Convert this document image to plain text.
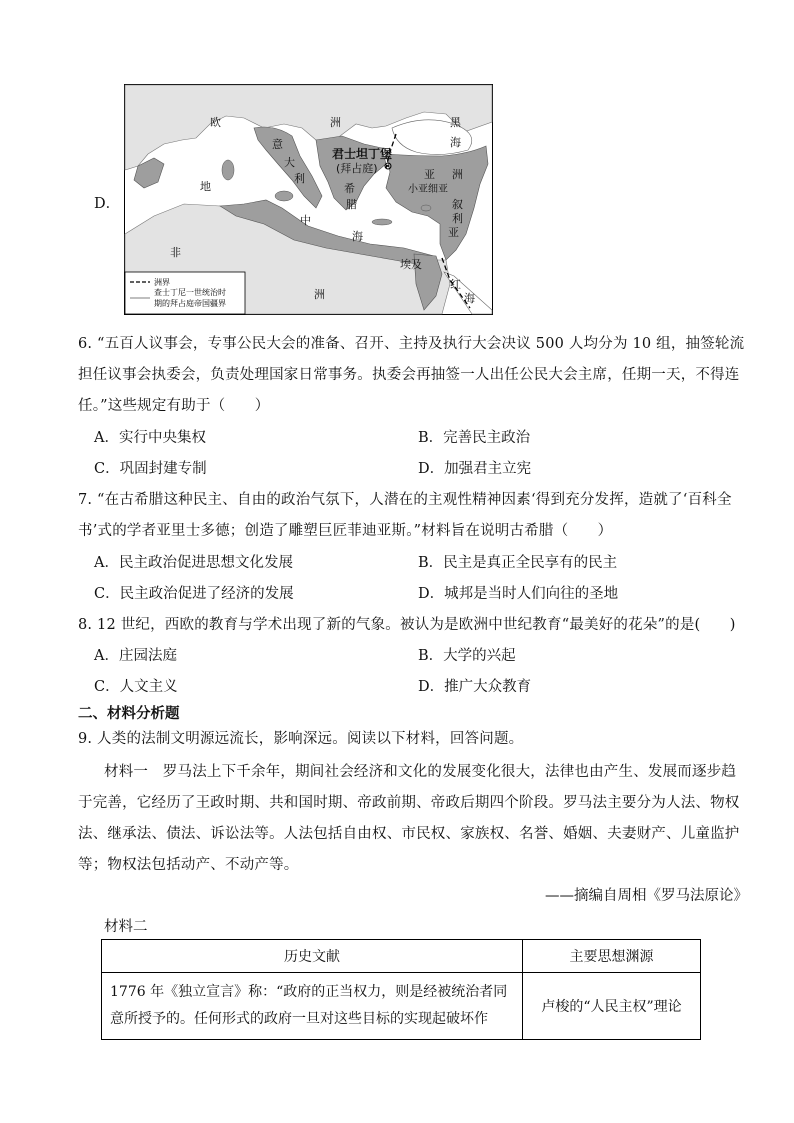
D．
欧	洲	黑
海
意
大
利
君士坦丁堡
(拜占庭)
希
腊
亚 洲
小亚细亚
叙
利
亚
地
中
海
非
洲
埃及
红
海
洲界
查士丁尼一世统治时
期的拜占庭帝国疆界
6. “五百人议事会，专事公民大会的准备、召开、主持及执行大会决议 500 人均分为 10 组，抽签轮流
担任议事会执委会，负责处理国家日常事务。执委会再抽签一人出任公民大会主席，任期一天，不得连
任。”这些规定有助于（　　）
A．实行中央集权	B．完善民主政治
C．巩固封建专制	D．加强君主立宪
7. “在古希腊这种民主、自由的政治气氛下，人潜在的主观性精神因素‘得到充分发挥，造就了‘百科全
书’式的学者亚里士多德；创造了雕塑巨匠菲迪亚斯。”材料旨在说明古希腊（　　）
A．民主政治促进思想文化发展	B．民主是真正全民享有的民主
C．民主政治促进了经济的发展	D．城邦是当时人们向往的圣地
8. 12 世纪，西欧的教育与学术出现了新的气象。被认为是欧洲中世纪教育“最美好的花朵”的是(　　)
A．庄园法庭	B．大学的兴起
C．人文主义	D．推广大众教育
二、材料分析题
9. 人类的法制文明源远流长，影响深远。阅读以下材料，回答问题。
材料一　罗马法上下千余年，期间社会经济和文化的发展变化很大，法律也由产生、发展而逐步趋
于完善，它经历了王政时期、共和国时期、帝政前期、帝政后期四个阶段。罗马法主要分为人法、物权
法、继承法、债法、诉讼法等。人法包括自由权、市民权、家族权、名誉、婚姻、夫妻财产、儿童监护
等；物权法包括动产、不动产等。
——摘编自周相《罗马法原论》
材料二
历史文献	主要思想渊源

1776 年《独立宣言》称：“政府的正当权力，则是经被统治者同
意所授予的。任何形式的政府一旦对这些目标的实现起破坏作	卢梭的“人民主权”理论
